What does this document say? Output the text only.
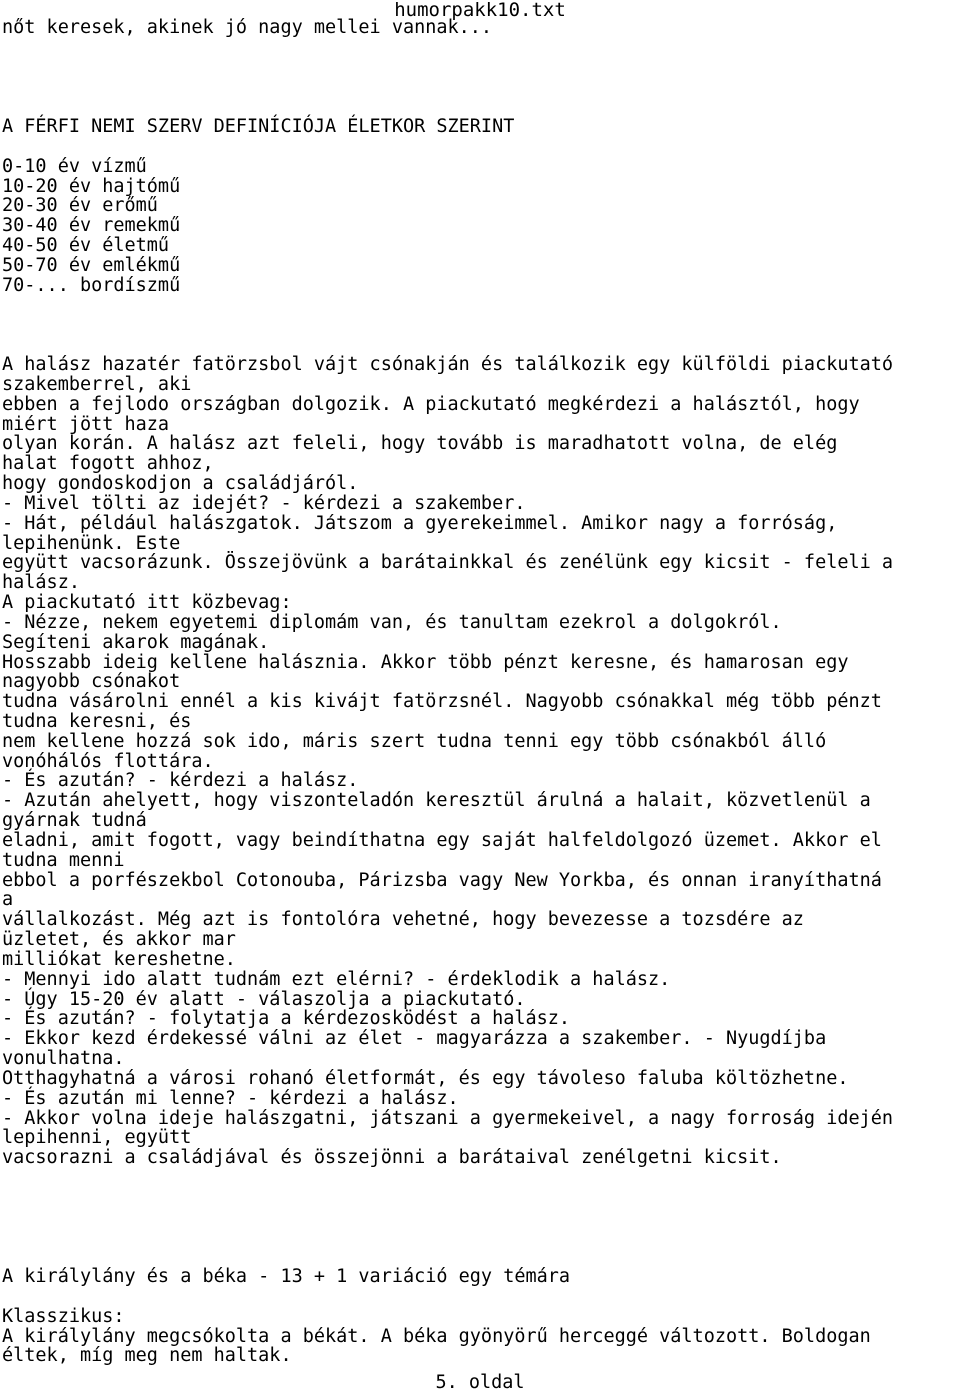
humorpakk10.txt
nőt keresek, akinek jó nagy mellei vannak...
A FÉRFI NEMI SZERV DEFINÍCIÓJA ÉLETKOR SZERINT
0-10 év vízmű
10-20 év hajtómű
20-30 év erőmű
30-40 év remekmű
40-50 év életmű
50-70 év emlékmű
70-... bordíszmű
A halász hazatér fatörzsbol vájt csónakján és találkozik egy külföldi piackutató
szakemberrel, aki
ebben a fejlodo országban dolgozik. A piackutató megkérdezi a halásztól, hogy
miért jött haza
olyan korán. A halász azt feleli, hogy tovább is maradhatott volna, de elég
halat fogott ahhoz,
hogy gondoskodjon a családjáról.
- Mivel tölti az idejét? - kérdezi a szakember.
- Hát, például halászgatok. Játszom a gyerekeimmel. Amikor nagy a forróság,
lepihenünk. Este
együtt vacsorázunk. Összejövünk a barátainkkal és zenélünk egy kicsit - feleli a
halász.
A piackutató itt közbevag:
- Nézze, nekem egyetemi diplomám van, és tanultam ezekrol a dolgokról.
Segíteni akarok magának.
Hosszabb ideig kellene halásznia. Akkor több pénzt keresne, és hamarosan egy
nagyobb csónakot
tudna vásárolni ennél a kis kivájt fatörzsnél. Nagyobb csónakkal még több pénzt
tudna keresni, és
nem kellene hozzá sok ido, máris szert tudna tenni egy több csónakból álló
vonóhálós flottára.
- És azután? - kérdezi a halász.
- Azután ahelyett, hogy viszonteladón keresztül árulná a halait, közvetlenül a
gyárnak tudná
eladni, amit fogott, vagy beindíthatna egy saját halfeldolgozó üzemet. Akkor el
tudna menni
ebbol a porfészekbol Cotonouba, Párizsba vagy New Yorkba, és onnan iranyíthatná
a
vállalkozást. Még azt is fontolóra vehetné, hogy bevezesse a tozsdére az
üzletet, és akkor mar
milliókat kereshetne.
- Mennyi ido alatt tudnám ezt elérni? - érdeklodik a halász.
- Úgy 15-20 év alatt - válaszolja a piackutató.
- És azután? - folytatja a kérdezosködést a halász.
- Ekkor kezd érdekessé válni az élet - magyarázza a szakember. - Nyugdíjba
vonulhatna.
Otthagyhatná a városi rohanó életformát, és egy távoleso faluba költözhetne.
- És azután mi lenne? - kérdezi a halász.
- Akkor volna ideje halászgatni, játszani a gyermekeivel, a nagy forroság idején
lepihenni, együtt
vacsorazni a családjával és összejönni a barátaival zenélgetni kicsit.
A királylány és a béka - 13 + 1 variáció egy témára
Klasszikus:
A királylány megcsókolta a békát. A béka gyönyörű herceggé változott. Boldogan
éltek, míg meg nem haltak.
5. oldal
